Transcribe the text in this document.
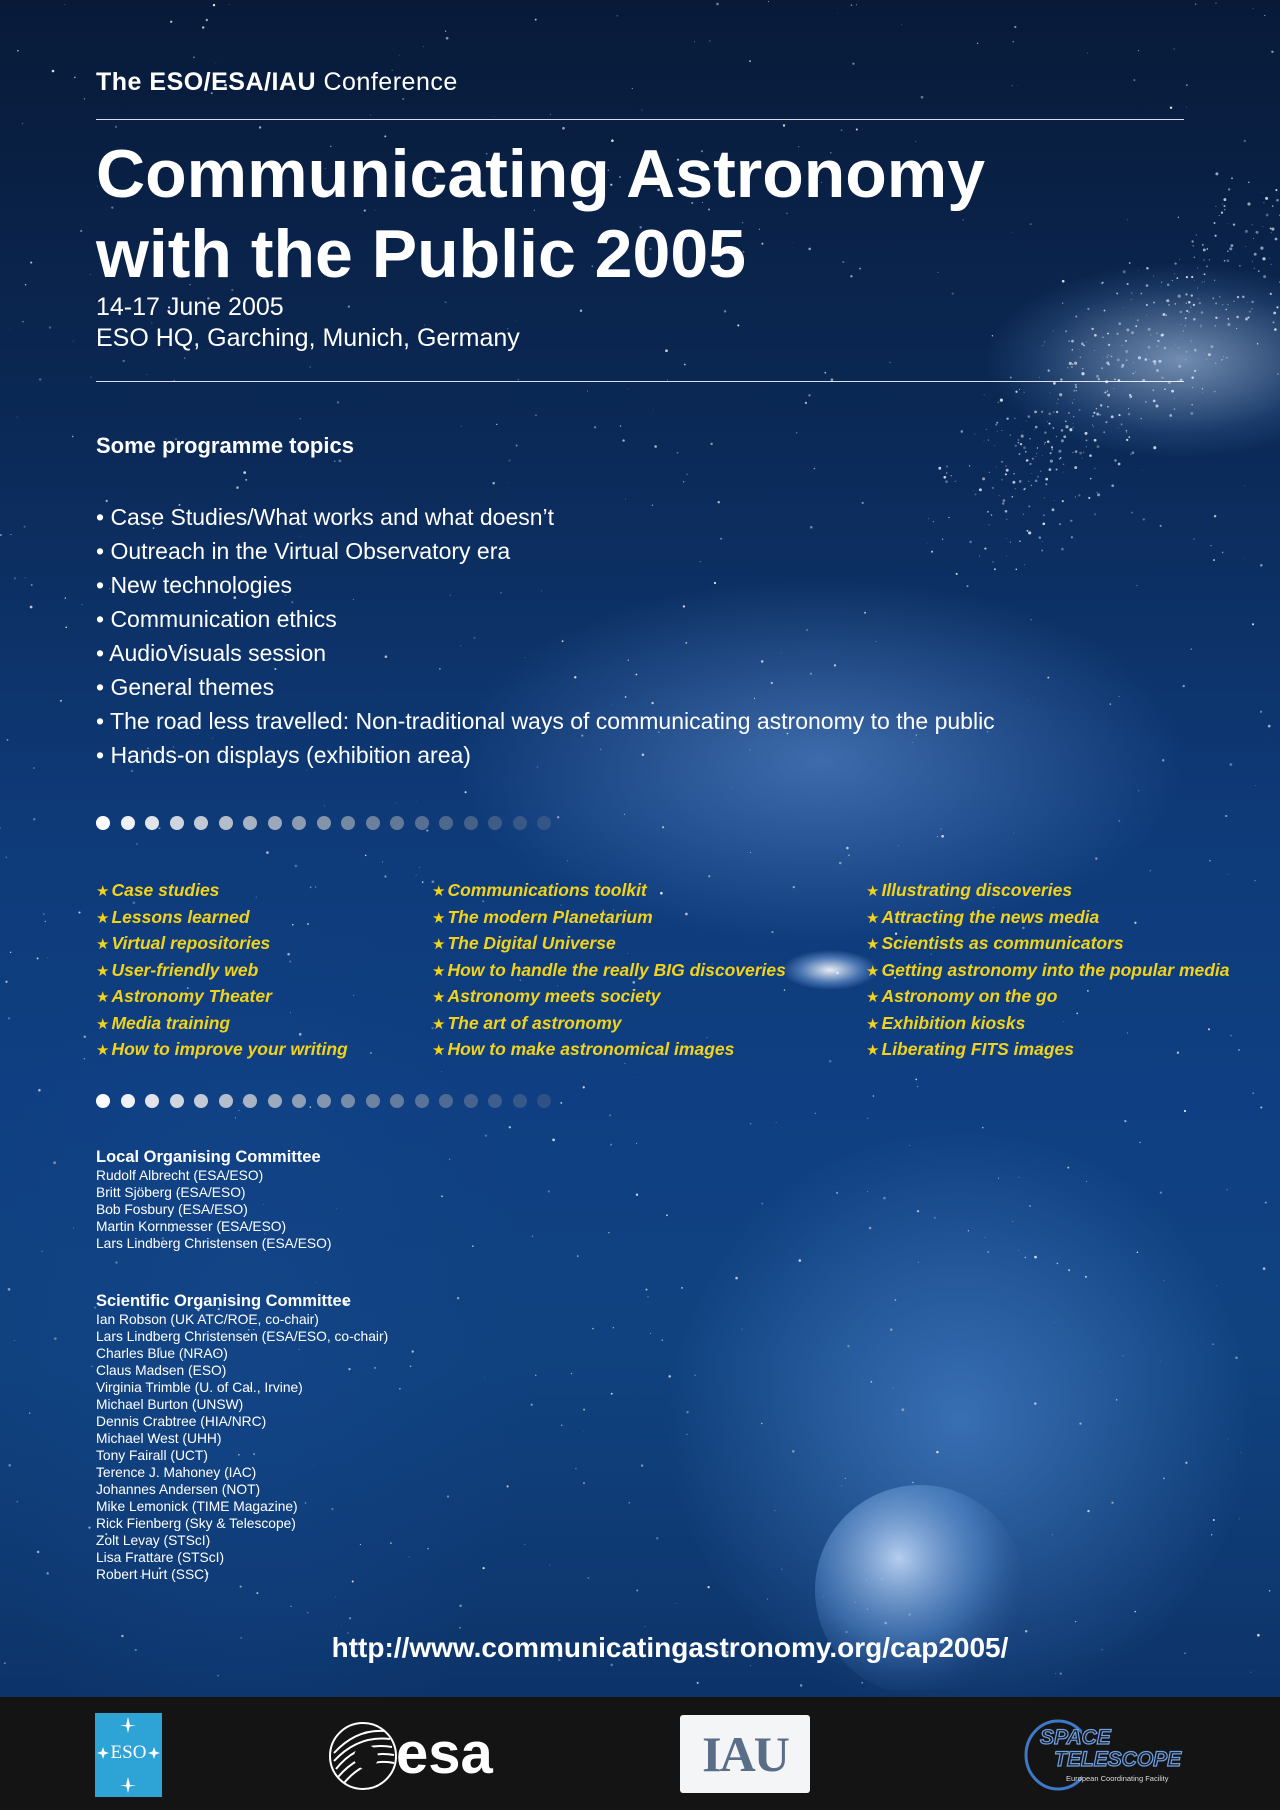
The ESO/ESA/IAU Conference
Communicating Astronomy
with the Public 2005
14-17 June 2005
ESO HQ, Garching, Munich, Germany
Some programme topics
• Case Studies/What works and what doesn’t
• Outreach in the Virtual Observatory era
• New technologies
• Communication ethics
• AudioVisuals session
• General themes
• The road less travelled: Non-traditional ways of communicating astronomy to the public
• Hands-on displays (exhibition area)
★ Case studies
★ Lessons learned
★ Virtual repositories
★ User-friendly web
★ Astronomy Theater
★ Media training
★ How to improve your writing
★ Communications toolkit
★ The modern Planetarium
★ The Digital Universe
★ How to handle the really BIG discoveries
★ Astronomy meets society
★ The art of astronomy
★ How to make astronomical images
★ Illustrating discoveries
★ Attracting the news media
★ Scientists as communicators
★ Getting astronomy into the popular media
★ Astronomy on the go
★ Exhibition kiosks
★ Liberating FITS images
Local Organising Committee
Rudolf Albrecht (ESA/ESO)
Britt Sjöberg (ESA/ESO)
Bob Fosbury (ESA/ESO)
Martin Kornmesser (ESA/ESO)
Lars Lindberg Christensen (ESA/ESO)
Scientific Organising Committee
Ian Robson (UK ATC/ROE, co-chair)
Lars Lindberg Christensen (ESA/ESO, co-chair)
Charles Blue (NRAO)
Claus Madsen (ESO)
Virginia Trimble (U. of Cal., Irvine)
Michael Burton (UNSW)
Dennis Crabtree (HIA/NRC)
Michael West (UHH)
Tony Fairall (UCT)
Terence J. Mahoney (IAC)
Johannes Andersen (NOT)
Mike Lemonick (TIME Magazine)
Rick Fienberg (Sky & Telescope)
Zolt Levay (STScI)
Lisa Frattare (STScI)
Robert Hurt (SSC)
http://www.communicatingastronomy.org/cap2005/
ESO	esa	IAU	SPACE
TELESCOPE
European Coordinating Facility
